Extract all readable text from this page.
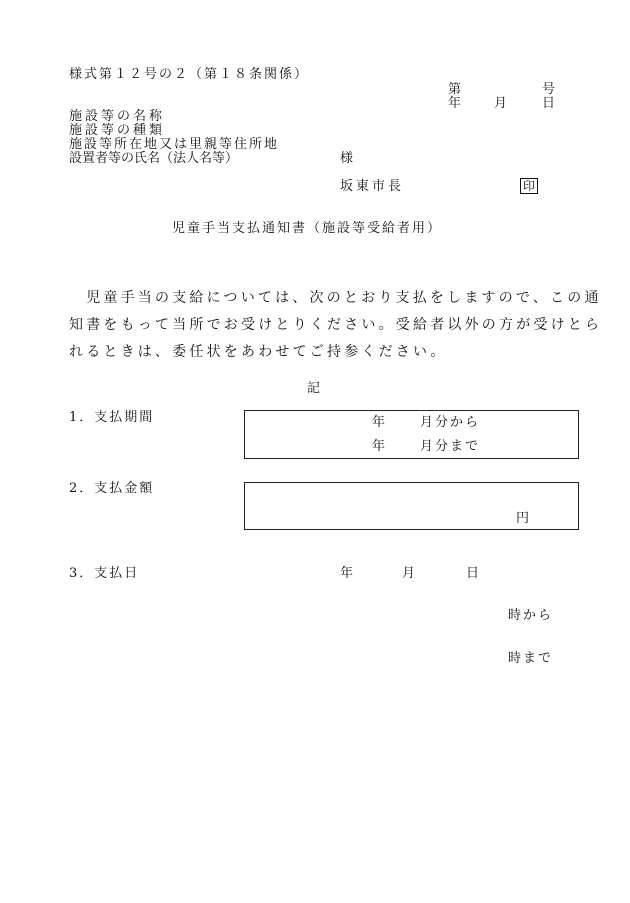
様式第１２号の２（第１８条関係）
第	号
年	月	日
施設等の名称
施設等の種類
施設等所在地又は里親等住所地
設置者等の氏名（法人名等）	様
坂東市長	印
児童手当支払通知書（施設等受給者用）
　児童手当の支給については、次のとおり支払をしますので、この通
知書をもって当所でお受けとりください。受給者以外の方が受けとら
れるときは、委任状をあわせてご持参ください。
記
1．支払期間	年	月分から
年	月分まで
2．支払金額
円
3．支払日	年	月	日
時から
時まで
